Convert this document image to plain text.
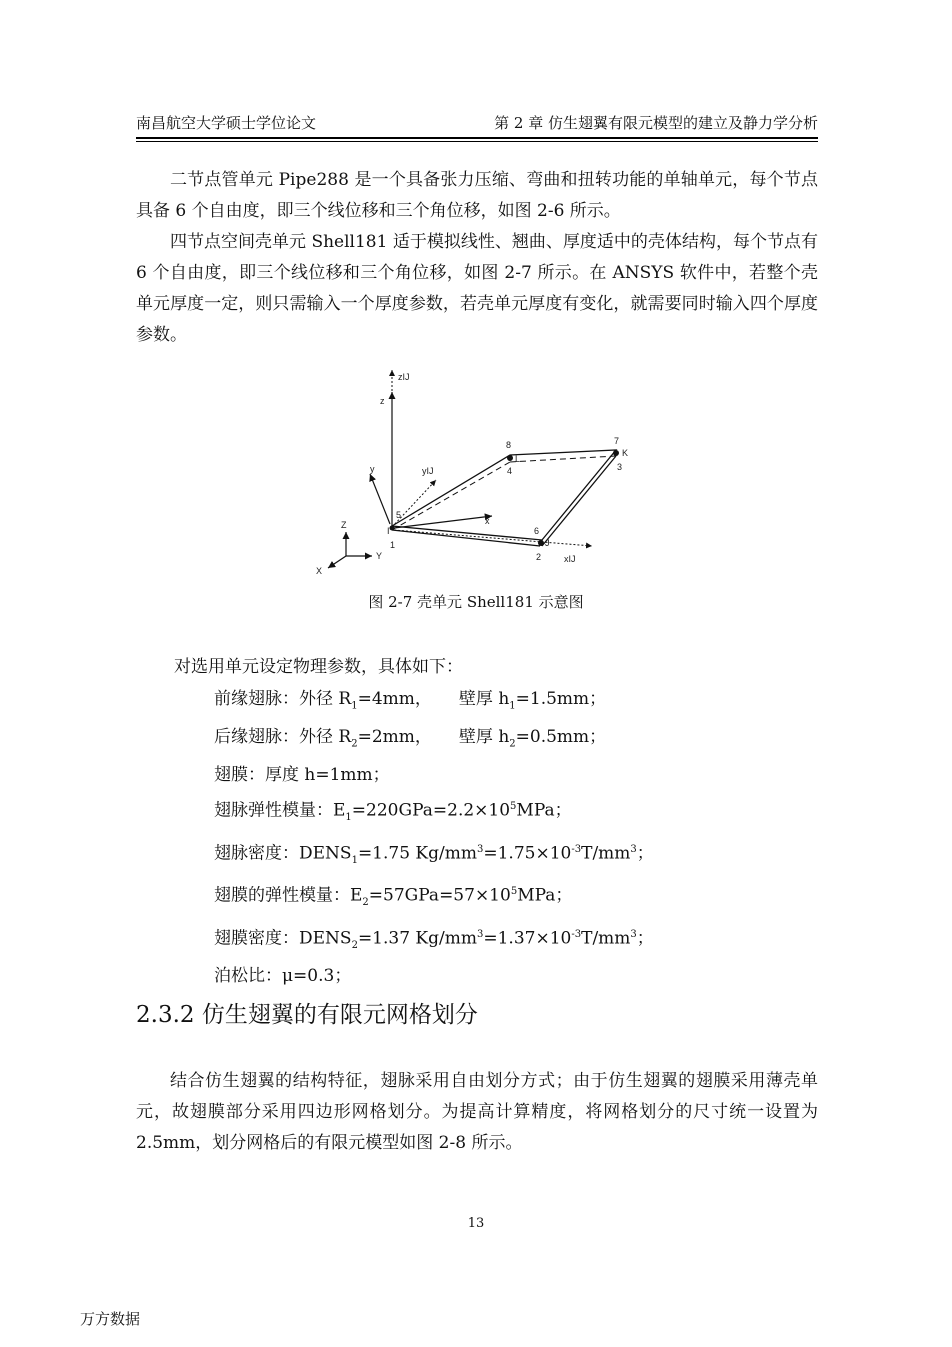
南昌航空大学硕士学位论文	第 2 章 仿生翅翼有限元模型的建立及静力学分析

二节点管单元 Pipe288 是一个具备张力压缩、弯曲和扭转功能的单轴单元，每个节点具备 6 个自由度，即三个线位移和三个角位移，如图 2-6 所示。

四节点空间壳单元 Shell181 适于模拟线性、翘曲、厚度适中的壳体结构，每个节点有 6 个自由度，即三个线位移和三个角位移，如图 2-7 所示。在 ANSYS 软件中，若整个壳单元厚度一定，则只需输入一个厚度参数，若壳单元厚度有变化，就需要同时输入四个厚度参数。

zIJ
z
y	yIJ
x
xIJ
1
5
I
2
6
J
7
3
K
8
4
L
Z
Y
X
图 2-7 壳单元 Shell181 示意图
对选用单元设定物理参数，具体如下：
前缘翅脉：外径 $R_1=4mm$，     壁厚 $h_1=1.5mm$；
后缘翅脉：外径 $R_2=2mm$，     壁厚 $h_2=0.5mm$；
翅膜：厚度 h=1mm；
翅脉弹性模量：$E_1=220GPa=2.2\times 10^5MPa$；
翅脉密度：$DENS_1=1.75$ $Kg/mm^3=1.75\times 10^{-3}T/mm^3$；
翅膜的弹性模量：$E_2=57GPa=57\times 10^5MPa$；
翅膜密度：$DENS_2=1.37$ $Kg/mm^3=1.37\times 10^{-3}T/mm^3$；
泊松比：μ=0.3；
2.3.2 仿生翅翼的有限元网格划分

结合仿生翅翼的结构特征，翅脉采用自由划分方式；由于仿生翅翼的翅膜采用薄壳单元，故翅膜部分采用四边形网格划分。为提高计算精度，将网格划分的尺寸统一设置为 2.5mm，划分网格后的有限元模型如图 2-8 所示。

13
万方数据
